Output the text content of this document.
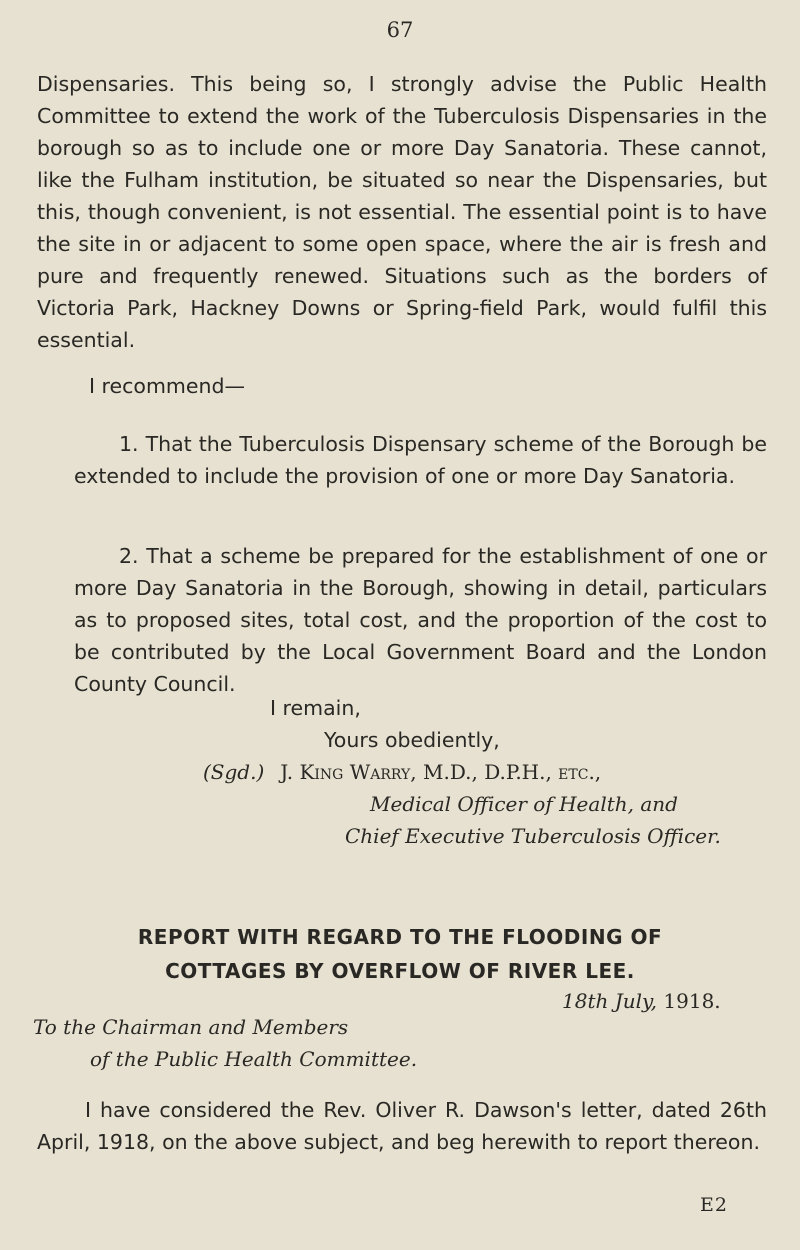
67

Dispensaries. This being so, I strongly advise the Public Health Committee to extend the work of the Tuberculosis Dispensaries in the borough so as to include one or more Day Sanatoria. These cannot, like the Fulham institution, be situated so near the Dispensaries, but this, though convenient, is not essential. The essential point is to have the site in or adjacent to some open space, where the air is fresh and pure and frequently renewed. Situations such as the borders of Victoria Park, Hackney Downs or Spring-field Park, would fulfil this essential.

I recommend—

1. That the Tuberculosis Dispensary scheme of the Borough be extended to include the provision of one or more Day Sanatoria.

2. That a scheme be prepared for the establishment of one or more Day Sanatoria in the Borough, showing in detail, particulars as to proposed sites, total cost, and the proportion of the cost to be contributed by the Local Government Board and the London County Council.

I remain,

Yours obediently,

(Sgd.) J. King Warry, M.D., D.P.H., etc.,
Medical Officer of Health, and
Chief Executive Tuberculosis Officer.
REPORT WITH REGARD TO THE FLOODING OF
COTTAGES BY OVERFLOW OF RIVER LEE.
18th July, 1918.
To the Chairman and Members
of the Public Health Committee.

I have considered the Rev. Oliver R. Dawson's letter, dated 26th April, 1918, on the above subject, and beg herewith to report thereon.

E2
